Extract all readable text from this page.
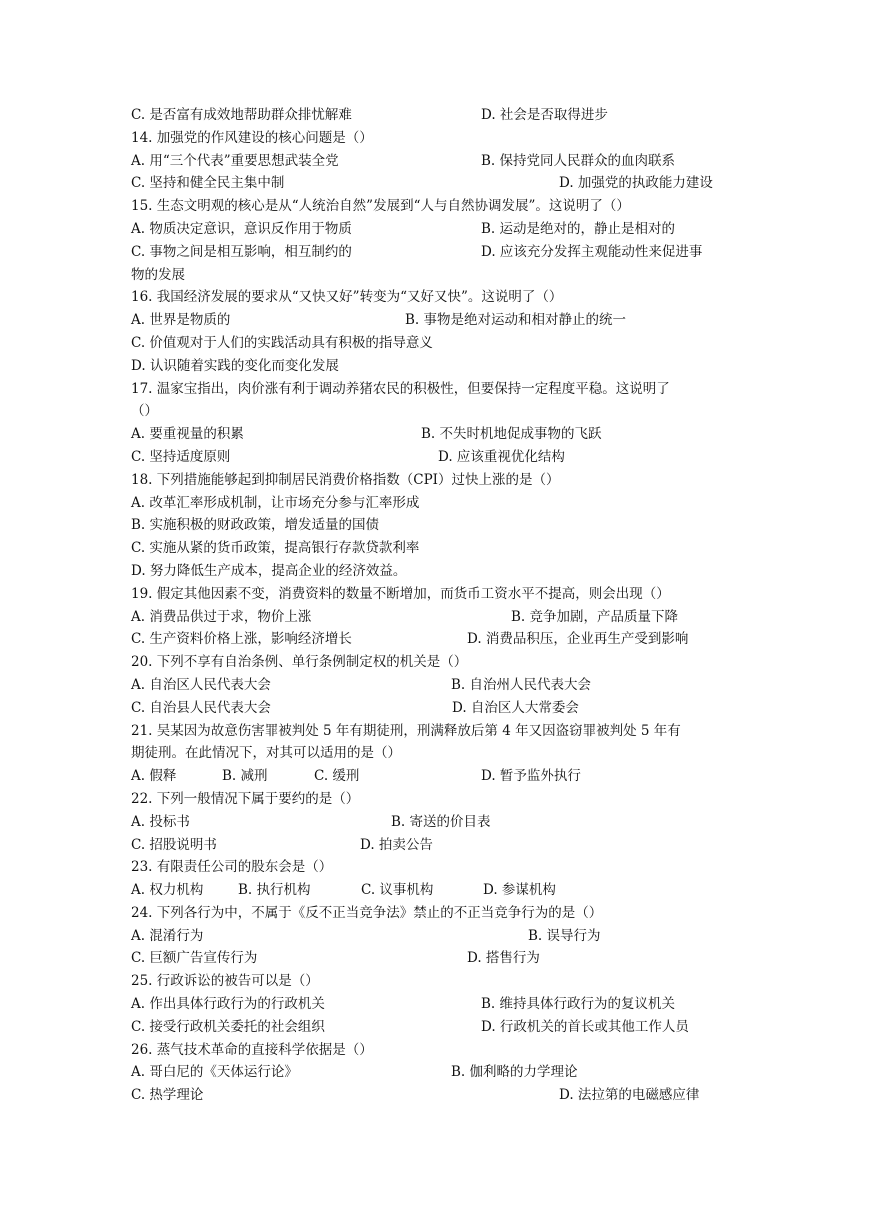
C. 是否富有成效地帮助群众排忧解难	D. 社会是否取得进步
14. 加强党的作风建设的核心问题是（）
A. 用“三个代表”重要思想武装全党	B. 保持党同人民群众的血肉联系
C. 坚持和健全民主集中制	D. 加强党的执政能力建设
15. 生态文明观的核心是从“人统治自然”发展到“人与自然协调发展”。这说明了（）
A. 物质决定意识，意识反作用于物质	B. 运动是绝对的，静止是相对的
C. 事物之间是相互影响，相互制约的	D. 应该充分发挥主观能动性来促进事
物的发展
16. 我国经济发展的要求从“又快又好”转变为“又好又快”。这说明了（）
A. 世界是物质的	B. 事物是绝对运动和相对静止的统一
C. 价值观对于人们的实践活动具有积极的指导意义
D. 认识随着实践的变化而变化发展
17. 温家宝指出，肉价涨有利于调动养猪农民的积极性，但要保持一定程度平稳。这说明了
（）
A. 要重视量的积累	B. 不失时机地促成事物的飞跃
C. 坚持适度原则	D. 应该重视优化结构
18. 下列措施能够起到抑制居民消费价格指数（CPI）过快上涨的是（）
A. 改革汇率形成机制，让市场充分参与汇率形成
B. 实施积极的财政政策，增发适量的国债
C. 实施从紧的货币政策，提高银行存款贷款利率
D. 努力降低生产成本，提高企业的经济效益。
19. 假定其他因素不变，消费资料的数量不断增加，而货币工资水平不提高，则会出现（）
A. 消费品供过于求，物价上涨	B. 竞争加剧，产品质量下降
C. 生产资料价格上涨，影响经济增长	D. 消费品积压，企业再生产受到影响
20. 下列不享有自治条例、单行条例制定权的机关是（）
A. 自治区人民代表大会	B. 自治州人民代表大会
C. 自治县人民代表大会	D. 自治区人大常委会
21. 吴某因为故意伤害罪被判处 5 年有期徒刑，刑满释放后第 4 年又因盗窃罪被判处 5 年有
期徒刑。在此情况下，对其可以适用的是（）
A. 假释	B. 减刑	C. 缓刑	D. 暂予监外执行
22. 下列一般情况下属于要约的是（）
A. 投标书	B. 寄送的价目表
C. 招股说明书	D. 拍卖公告
23. 有限责任公司的股东会是（）
A. 权力机构	B. 执行机构	C. 议事机构	D. 参谋机构
24. 下列各行为中，不属于《反不正当竞争法》禁止的不正当竞争行为的是（）
A. 混淆行为	B. 误导行为
C. 巨额广告宣传行为	D. 搭售行为
25. 行政诉讼的被告可以是（）
A. 作出具体行政行为的行政机关	B. 维持具体行政行为的复议机关
C. 接受行政机关委托的社会组织	D. 行政机关的首长或其他工作人员
26. 蒸气技术革命的直接科学依据是（）
A. 哥白尼的《天体运行论》	B. 伽利略的力学理论
C. 热学理论	D. 法拉第的电磁感应律
